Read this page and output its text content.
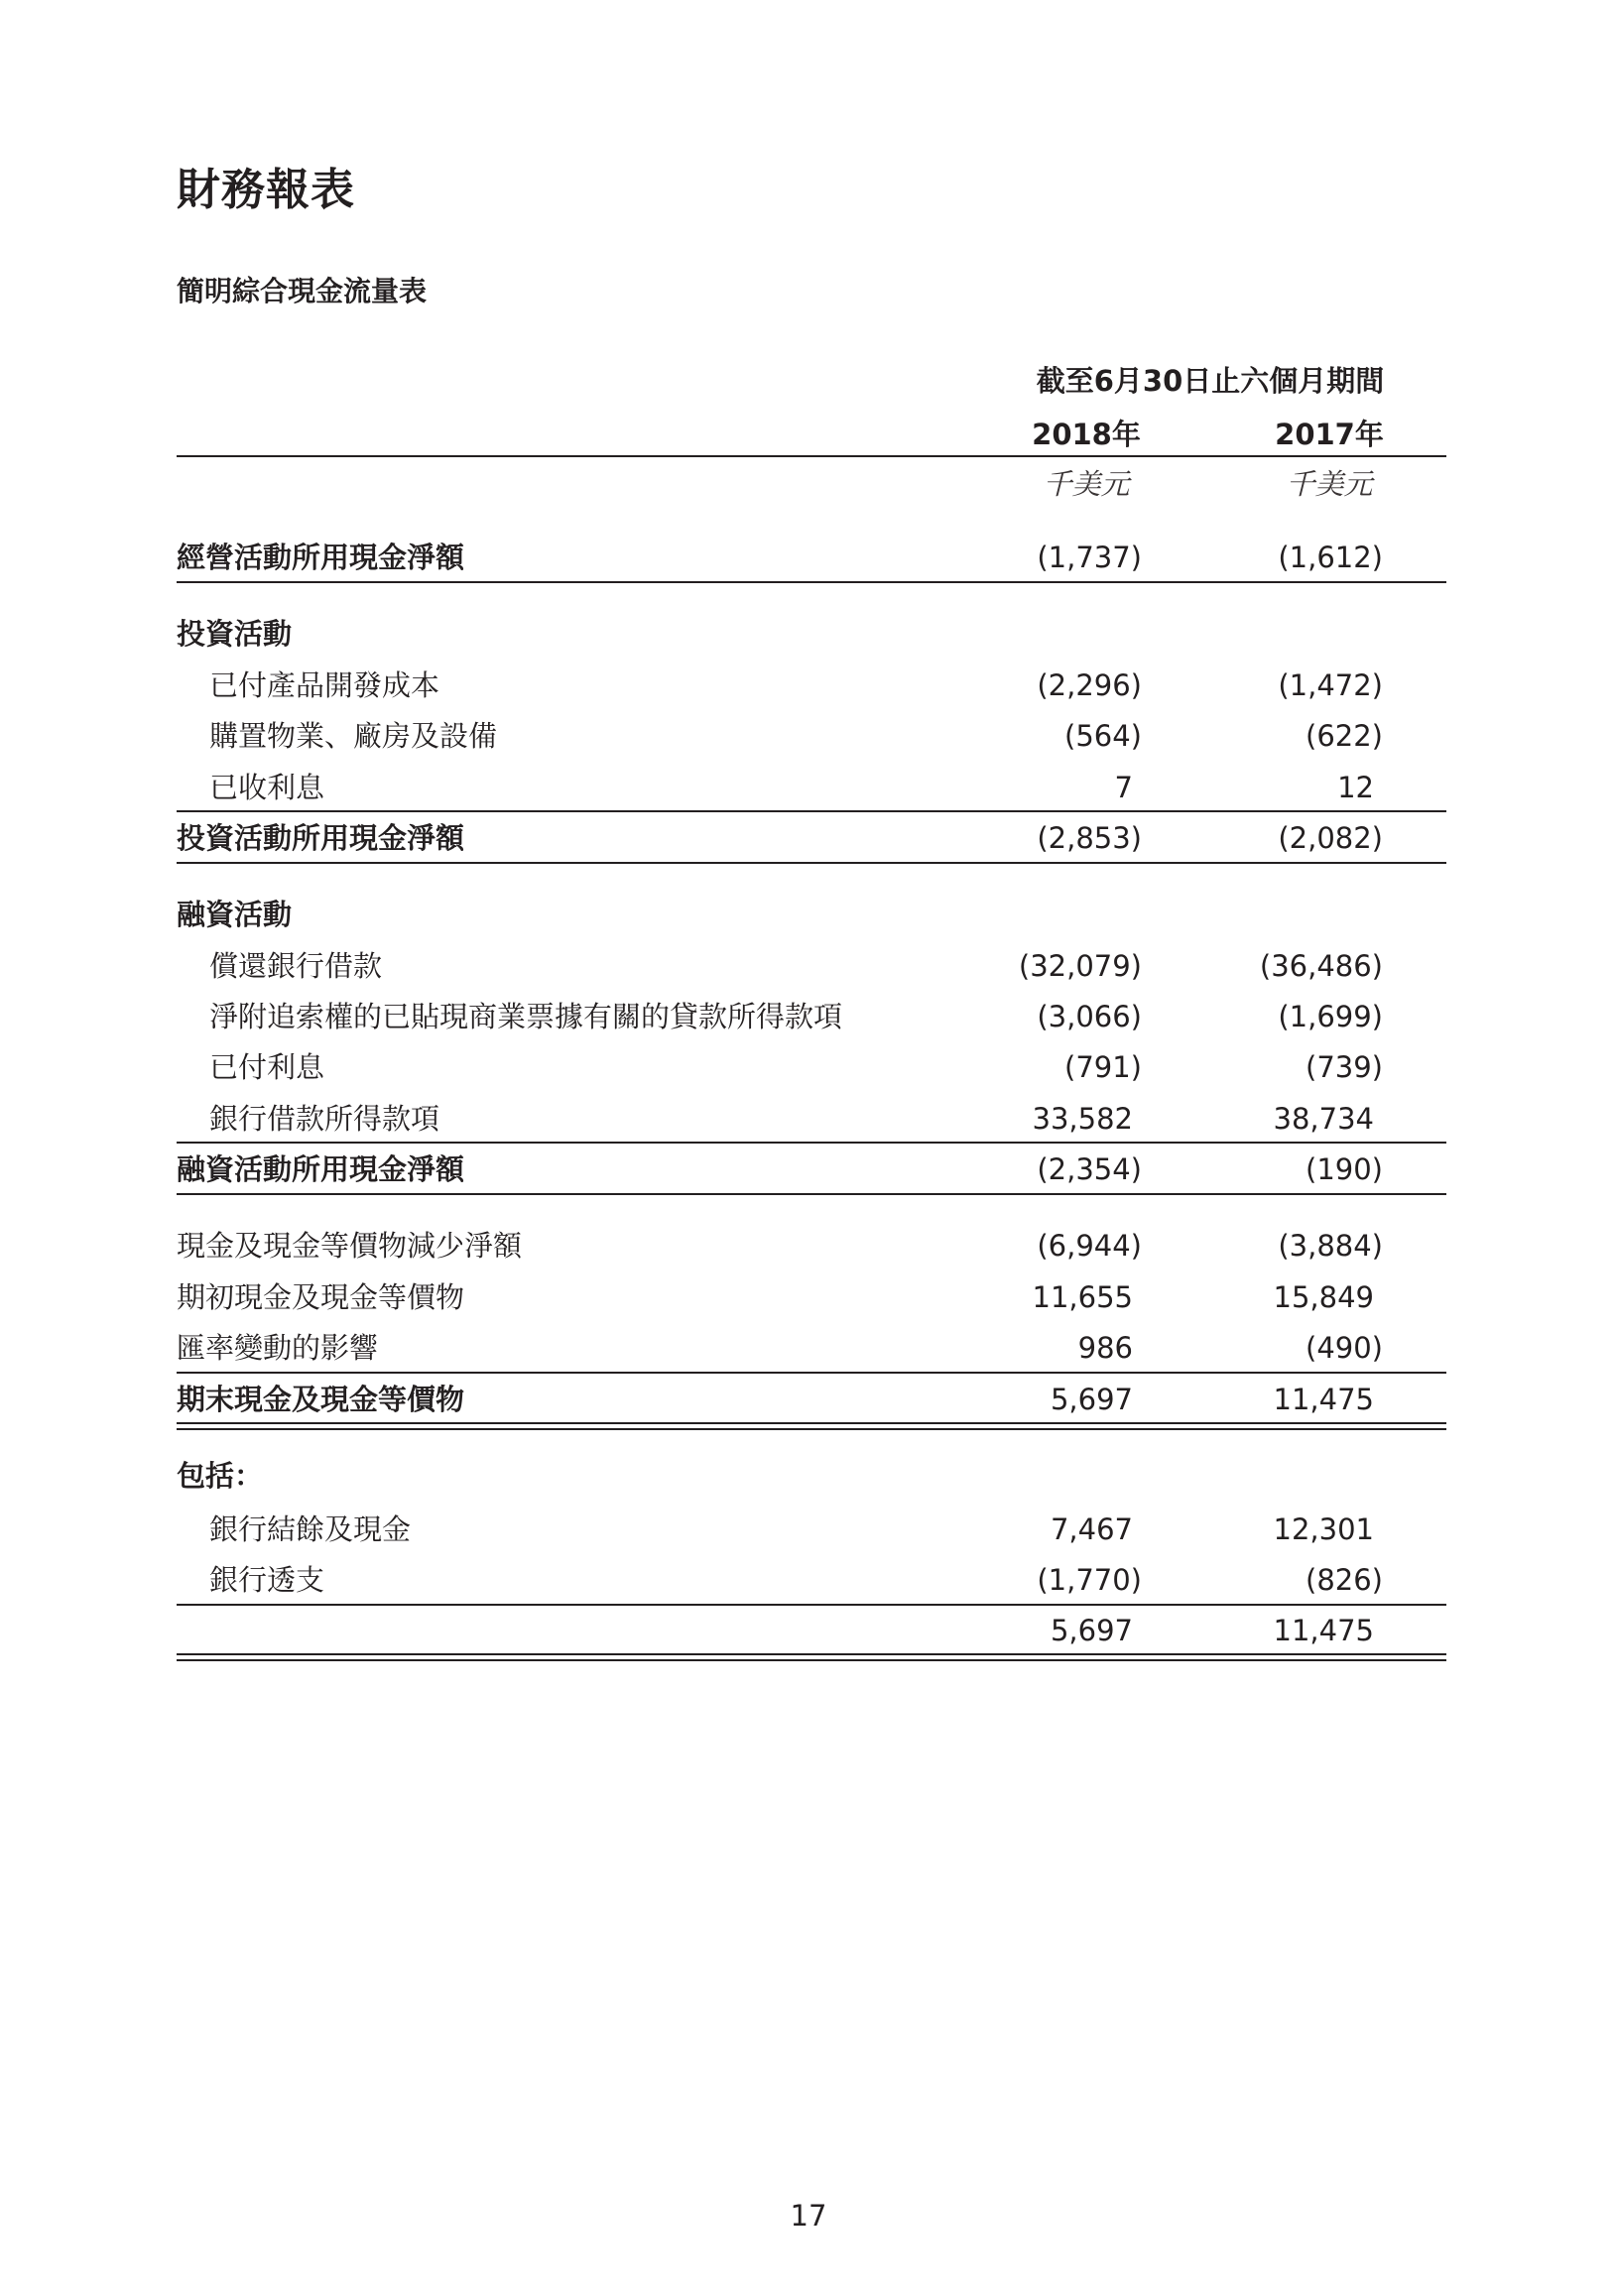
財務報表
簡明綜合現金流量表
截至6月30日止六個月期間
2018年	2017年
千美元	千美元
經營活動所用現金淨額	(1,737)	(1,612)
投資活動
已付產品開發成本	(2,296)	(1,472)
購置物業、廠房及設備	(564)	(622)
已收利息	7	12
投資活動所用現金淨額	(2,853)	(2,082)
融資活動
償還銀行借款	(32,079)	(36,486)
淨附追索權的已貼現商業票據有關的貸款所得款項	(3,066)	(1,699)
已付利息	(791)	(739)
銀行借款所得款項	33,582	38,734
融資活動所用現金淨額	(2,354)	(190)
現金及現金等價物減少淨額	(6,944)	(3,884)
期初現金及現金等價物	11,655	15,849
匯率變動的影響	986	(490)
期末現金及現金等價物	5,697	11,475
包括：
銀行結餘及現金	7,467	12,301
銀行透支	(1,770)	(826)
5,697	11,475
17
